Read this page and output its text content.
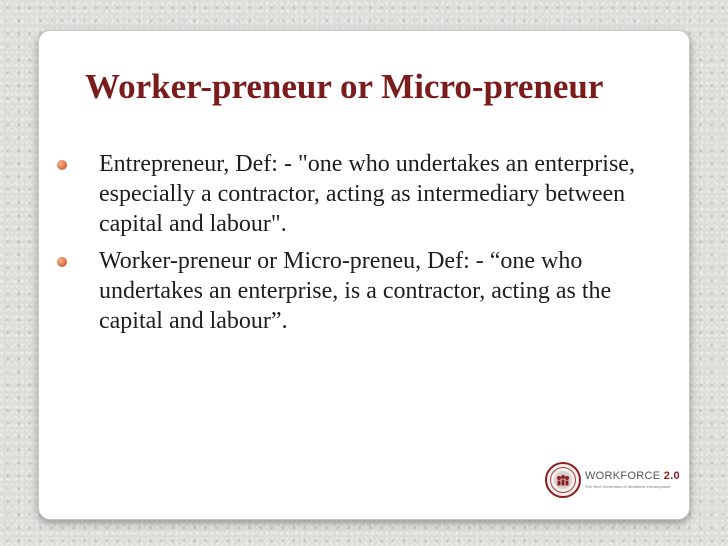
Worker-preneur or Micro-preneur
Entrepreneur, Def: - "one who undertakes an enterprise, especially a contractor, acting as intermediary between capital and labour".
Worker-preneur or Micro-preneu, Def: - “one who undertakes an enterprise, is a contractor, acting as the capital and labour”.
WORKFORCE 2.0
The Next Generation of Workforce Development
